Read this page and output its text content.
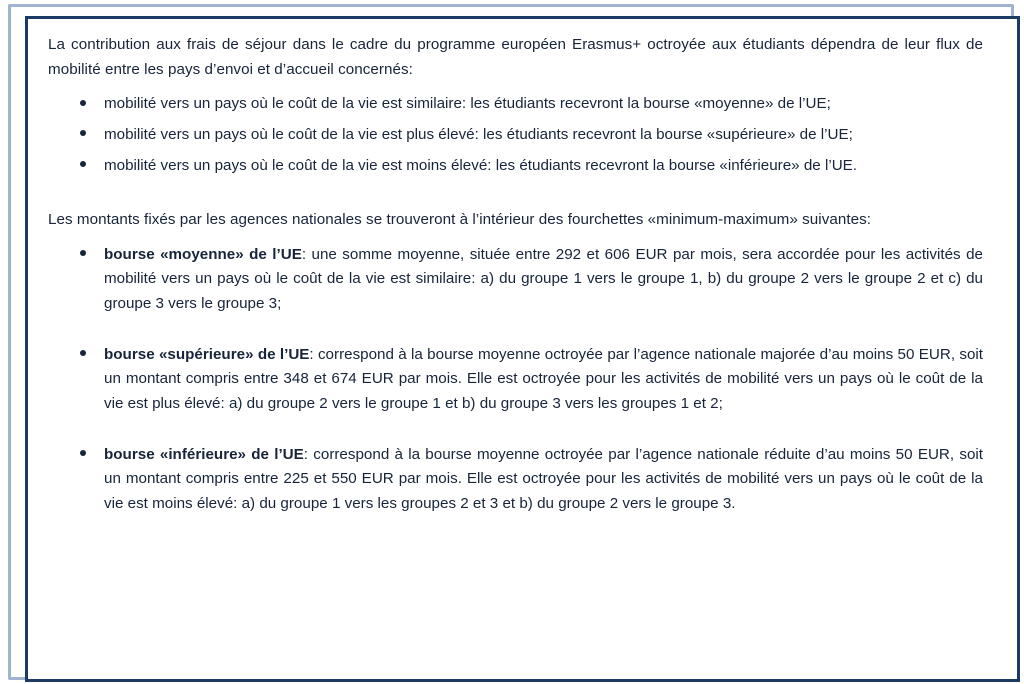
La contribution aux frais de séjour dans le cadre du programme européen Erasmus+ octroyée aux étudiants dépendra de leur flux de mobilité entre les pays d’envoi et d’accueil concernés:

mobilité vers un pays où le coût de la vie est similaire: les étudiants recevront la bourse «moyenne» de l’UE;
mobilité vers un pays où le coût de la vie est plus élevé: les étudiants recevront la bourse «supérieure» de l’UE;
mobilité vers un pays où le coût de la vie est moins élevé: les étudiants recevront la bourse «inférieure» de l’UE.

Les montants fixés par les agences nationales se trouveront à l’intérieur des fourchettes «minimum-maximum» suivantes:

bourse «moyenne» de l’UE: une somme moyenne, située entre 292 et 606 EUR par mois, sera accordée pour les activités de mobilité vers un pays où le coût de la vie est similaire: a) du groupe 1 vers le groupe 1, b) du groupe 2 vers le groupe 2 et c) du groupe 3 vers le groupe 3;
bourse «supérieure» de l’UE: correspond à la bourse moyenne octroyée par l’agence nationale majorée d’au moins 50 EUR, soit un montant compris entre 348 et 674 EUR par mois. Elle est octroyée pour les activités de mobilité vers un pays où le coût de la vie est plus élevé: a) du groupe 2 vers le groupe 1 et b) du groupe 3 vers les groupes 1 et 2;
bourse «inférieure» de l’UE: correspond à la bourse moyenne octroyée par l’agence nationale réduite d’au moins 50 EUR, soit un montant compris entre 225 et 550 EUR par mois. Elle est octroyée pour les activités de mobilité vers un pays où le coût de la vie est moins élevé: a) du groupe 1 vers les groupes 2 et 3 et b) du groupe 2 vers le groupe 3.
